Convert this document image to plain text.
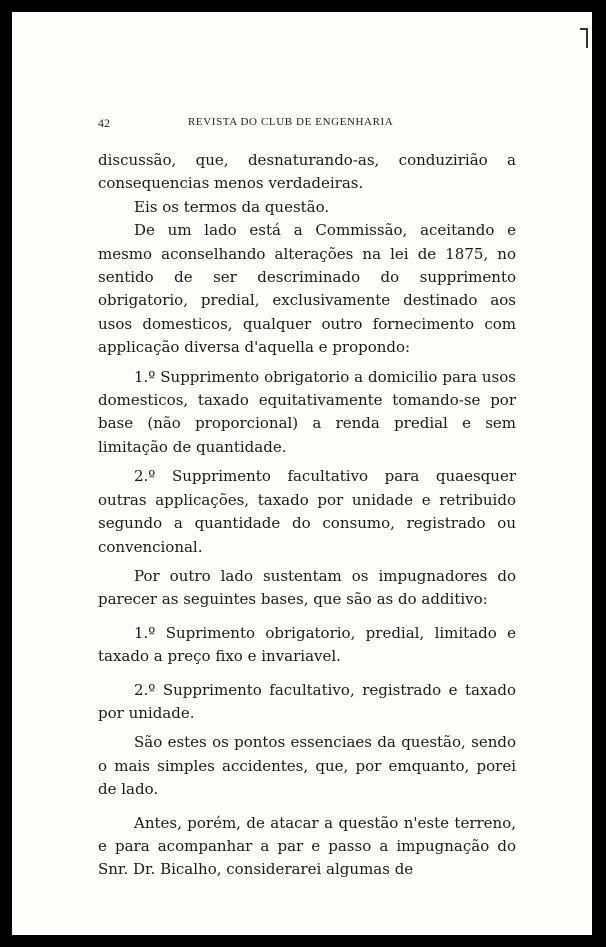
42	REVISTA DO CLUB DE ENGENHARIA

discussão, que, desnaturando-as, conduzirião a consequencias menos verdadeiras.

Eis os termos da questão.

De um lado está a Commissão, aceitando e mesmo aconselhando alterações na lei de 1875, no sentido de ser descriminado do supprimento obrigatorio, predial, exclusivamente destinado aos usos domesticos, qualquer outro fornecimento com applicação diversa d'aquella e propondo:

1.º Supprimento obrigatorio a domicilio para usos domesticos, taxado equitativamente tomando-se por base (não proporcional) a renda predial e sem limitação de quantidade.

2.º Supprimento facultativo para quaesquer outras applicações, taxado por unidade e retribuido segundo a quantidade do consumo, registrado ou convencional.

Por outro lado sustentam os impugnadores do parecer as seguintes bases, que são as do additivo:

1.º Suprimento obrigatorio, predial, limitado e taxado a preço fixo e invariavel.

2.º Supprimento facultativo, registrado e taxado por unidade.

São estes os pontos essenciaes da questão, sendo o mais simples accidentes, que, por emquanto, porei de lado.

Antes, porém, de atacar a questão n'este terreno, e para acompanhar a par e passo a impugnação do Snr. Dr. Bicalho, considerarei algumas de
